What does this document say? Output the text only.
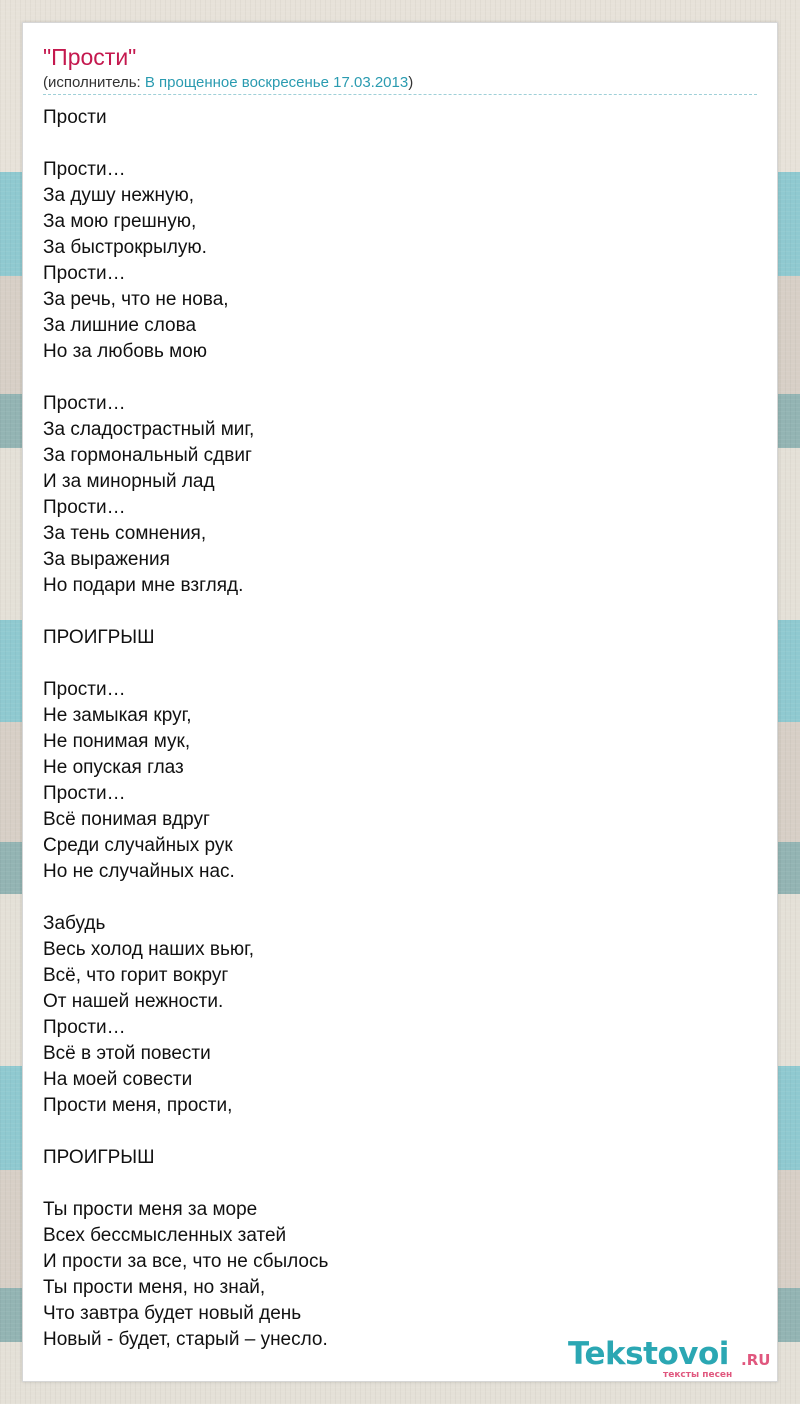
"Прости"
(исполнитель: В прощенное воскресенье 17.03.2013)
Прости
Прости…
За душу нежную,
За мою грешную,
За быстрокрылую.
Прости…
За речь, что не нова,
За лишние слова
Но за любовь мою
Прости…
За сладострастный миг,
За гормональный сдвиг
И за минорный лад
Прости…
За тень сомнения,
За выражения
Но подари мне взгляд.
ПРОИГРЫШ
Прости…
Не замыкая круг,
Не понимая мук,
Не опуская глаз
Прости…
Всё понимая вдруг
Среди случайных рук
Но не случайных нас.
Забудь
Весь холод наших вьюг,
Всё, что горит вокруг
От нашей нежности.
Прости…
Всё в этой повести
На моей совести
Прости меня, прости,
ПРОИГРЫШ
Ты прости меня за море
Всех бессмысленных затей
И прости за все, что не сбылось
Ты прости меня, но знай,
Что завтра будет новый день
Новый - будет, старый – унесло.	Tekstovoi .RU
тексты песен
